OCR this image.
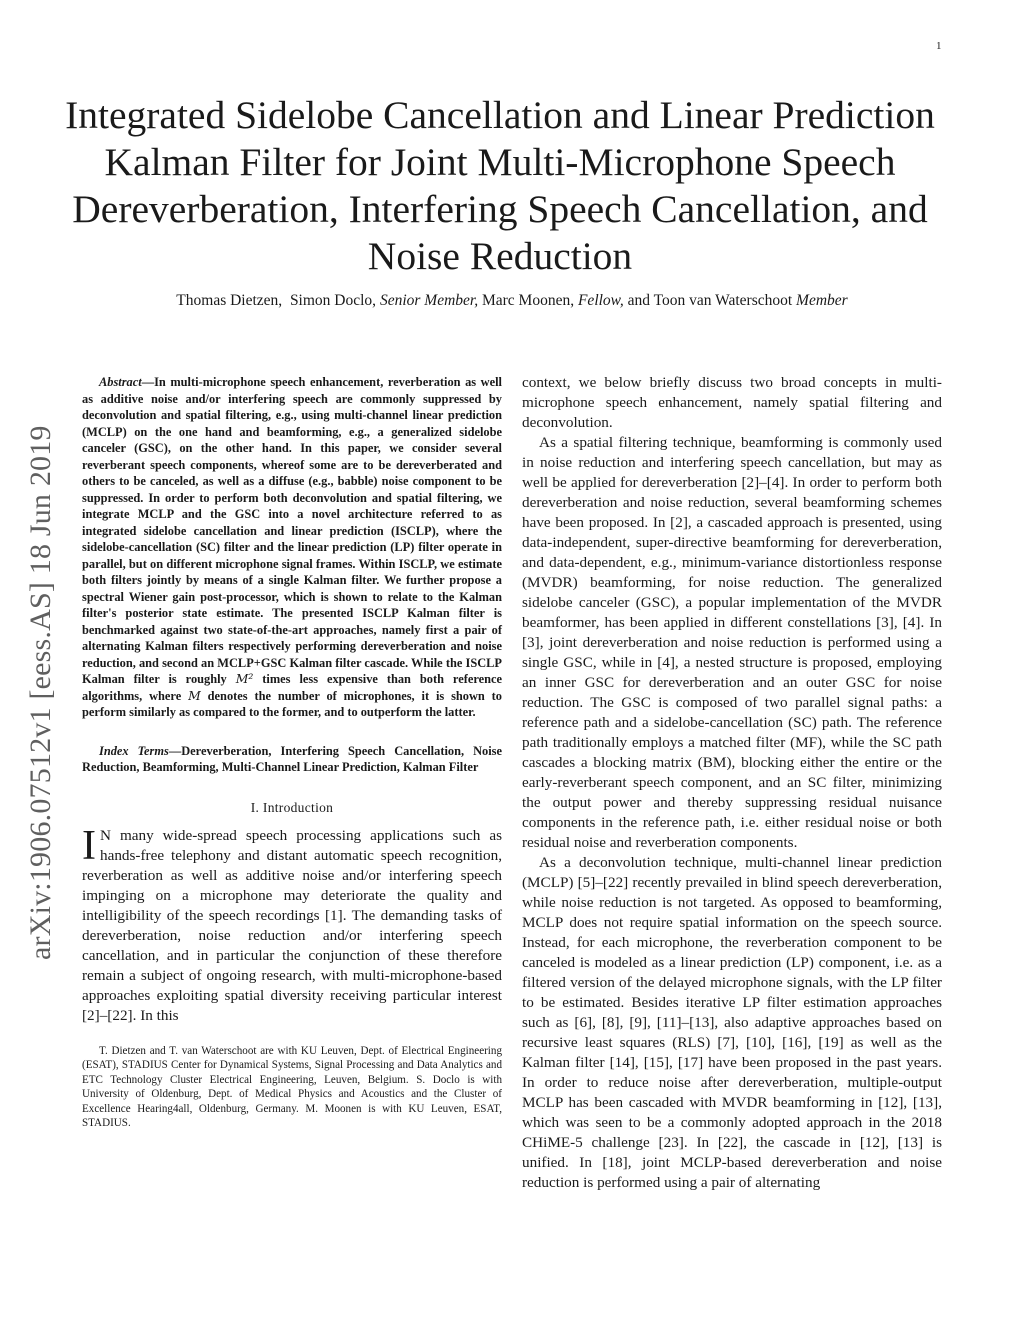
1
Integrated Sidelobe Cancellation and Linear Prediction Kalman Filter for Joint Multi-Microphone Speech Dereverberation, Interfering Speech Cancellation, and Noise Reduction
Thomas Dietzen, Simon Doclo, Senior Member, Marc Moonen, Fellow, and Toon van Waterschoot Member
arXiv:1906.07512v1 [eess.AS] 18 Jun 2019

Abstract—In multi-microphone speech enhancement, reverberation as well as additive noise and/or interfering speech are commonly suppressed by deconvolution and spatial filtering, e.g., using multi-channel linear prediction (MCLP) on the one hand and beamforming, e.g., a generalized sidelobe canceler (GSC), on the other hand. In this paper, we consider several reverberant speech components, whereof some are to be dereverberated and others to be canceled, as well as a diffuse (e.g., babble) noise component to be suppressed. In order to perform both deconvolution and spatial filtering, we integrate MCLP and the GSC into a novel architecture referred to as integrated sidelobe cancellation and linear prediction (ISCLP), where the sidelobe-cancellation (SC) filter and the linear prediction (LP) filter operate in parallel, but on different microphone signal frames. Within ISCLP, we estimate both filters jointly by means of a single Kalman filter. We further propose a spectral Wiener gain post-processor, which is shown to relate to the Kalman filter's posterior state estimate. The presented ISCLP Kalman filter is benchmarked against two state-of-the-art approaches, namely first a pair of alternating Kalman filters respectively performing dereverberation and noise reduction, and second an MCLP+GSC Kalman filter cascade. While the ISCLP Kalman filter is roughly M² times less expensive than both reference algorithms, where M denotes the number of microphones, it is shown to perform similarly as compared to the former, and to outperform the latter.

Index Terms—Dereverberation, Interfering Speech Cancellation, Noise Reduction, Beamforming, Multi-Channel Linear Prediction, Kalman Filter

I. Introduction

I N many wide-spread speech processing applications such as hands-free telephony and distant automatic speech recognition, reverberation as well as additive noise and/or interfering speech impinging on a microphone may deteriorate the quality and intelligibility of the speech recordings [1]. The demanding tasks of dereverberation, noise reduction and/or interfering speech cancellation, and in particular the conjunction of these therefore remain a subject of ongoing research, with multi-microphone-based approaches exploiting spatial diversity receiving particular interest [2]–[22]. In this

T. Dietzen and T. van Waterschoot are with KU Leuven, Dept. of Electrical Engineering (ESAT), STADIUS Center for Dynamical Systems, Signal Processing and Data Analytics and ETC Technology Cluster Electrical Engineering, Leuven, Belgium. S. Doclo is with University of Oldenburg, Dept. of Medical Physics and Acoustics and the Cluster of Excellence Hearing4all, Oldenburg, Germany. M. Moonen is with KU Leuven, ESAT, STADIUS.

context, we below briefly discuss two broad concepts in multi-microphone speech enhancement, namely spatial filtering and deconvolution.

As a spatial filtering technique, beamforming is commonly used in noise reduction and interfering speech cancellation, but may as well be applied for dereverberation [2]–[4]. In order to perform both dereverberation and noise reduction, several beamforming schemes have been proposed. In [2], a cascaded approach is presented, using data-independent, super-directive beamforming for dereverberation, and data-dependent, e.g., minimum-variance distortionless response (MVDR) beamforming, for noise reduction. The generalized sidelobe canceler (GSC), a popular implementation of the MVDR beamformer, has been applied in different constellations [3], [4]. In [3], joint dereverberation and noise reduction is performed using a single GSC, while in [4], a nested structure is proposed, employing an inner GSC for dereverberation and an outer GSC for noise reduction. The GSC is composed of two parallel signal paths: a reference path and a sidelobe-cancellation (SC) path. The reference path traditionally employs a matched filter (MF), while the SC path cascades a blocking matrix (BM), blocking either the entire or the early-reverberant speech component, and an SC filter, minimizing the output power and thereby suppressing residual nuisance components in the reference path, i.e. either residual noise or both residual noise and reverberation components.

As a deconvolution technique, multi-channel linear prediction (MCLP) [5]–[22] recently prevailed in blind speech dereverberation, while noise reduction is not targeted. As opposed to beamforming, MCLP does not require spatial information on the speech source. Instead, for each microphone, the reverberation component to be canceled is modeled as a linear prediction (LP) component, i.e. as a filtered version of the delayed microphone signals, with the LP filter to be estimated. Besides iterative LP filter estimation approaches such as [6], [8], [9], [11]–[13], also adaptive approaches based on recursive least squares (RLS) [7], [10], [16], [19] as well as the Kalman filter [14], [15], [17] have been proposed in the past years. In order to reduce noise after dereverberation, multiple-output MCLP has been cascaded with MVDR beamforming in [12], [13], which was seen to be a commonly adopted approach in the 2018 CHiME-5 challenge [23]. In [22], the cascade in [12], [13] is unified. In [18], joint MCLP-based dereverberation and noise reduction is performed using a pair of alternating
